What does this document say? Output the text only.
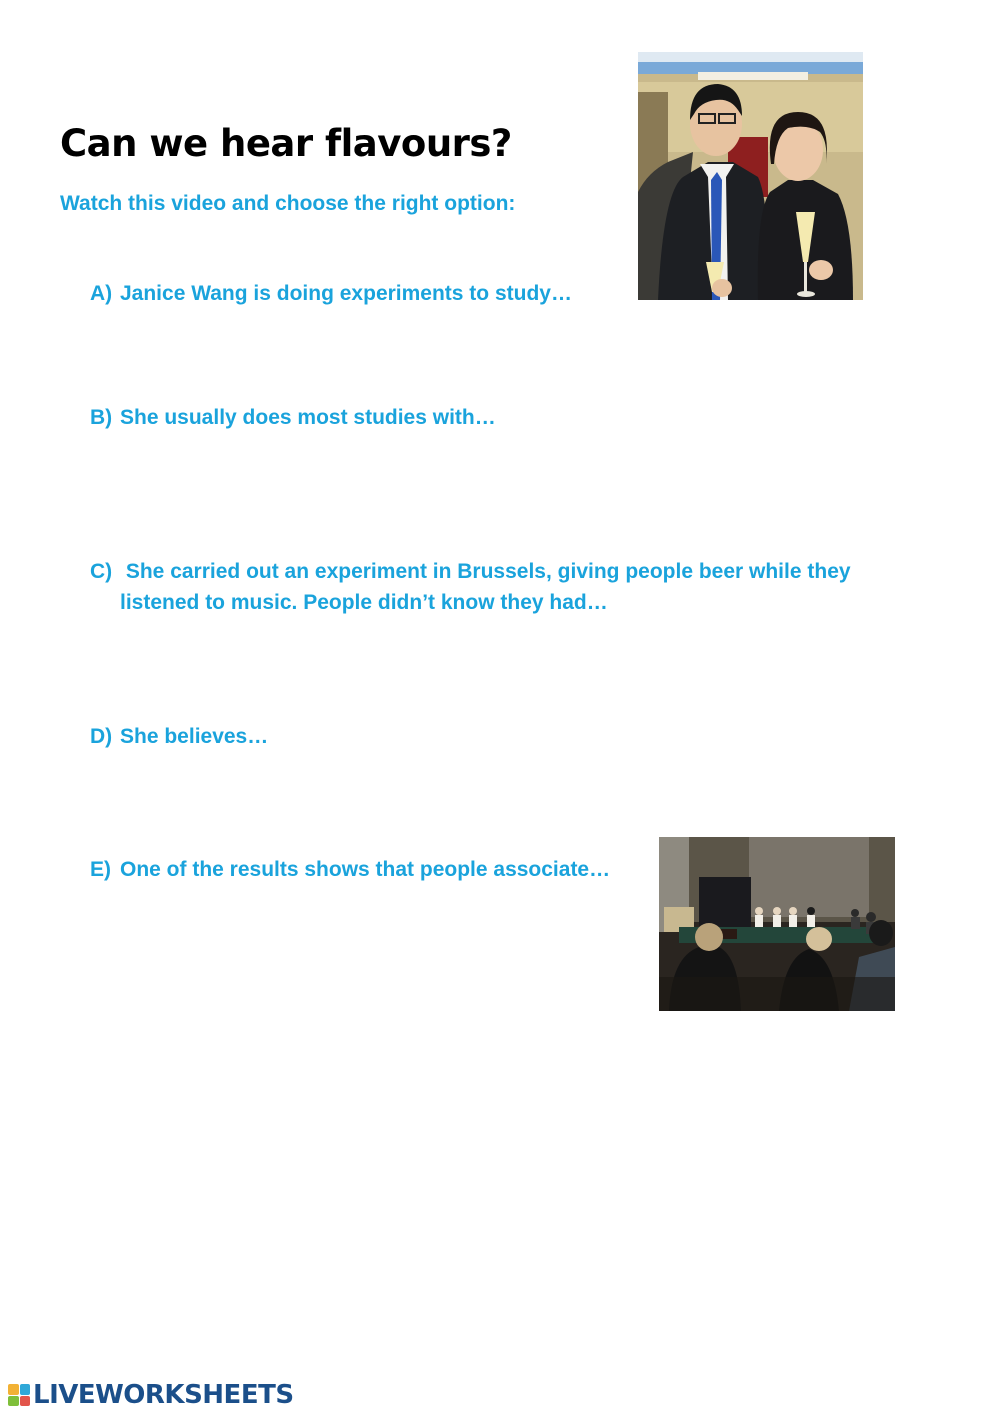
Can we hear flavours?

Watch this video and choose the right option:

A) Janice Wang is doing experiments to study…
B) She usually does most studies with…
C) She carried out an experiment in Brussels, giving people beer while they listened to music. People didn’t know they had…
D) She believes…
E) One of the results shows that people associate…
LIVEWORKSHEETS
